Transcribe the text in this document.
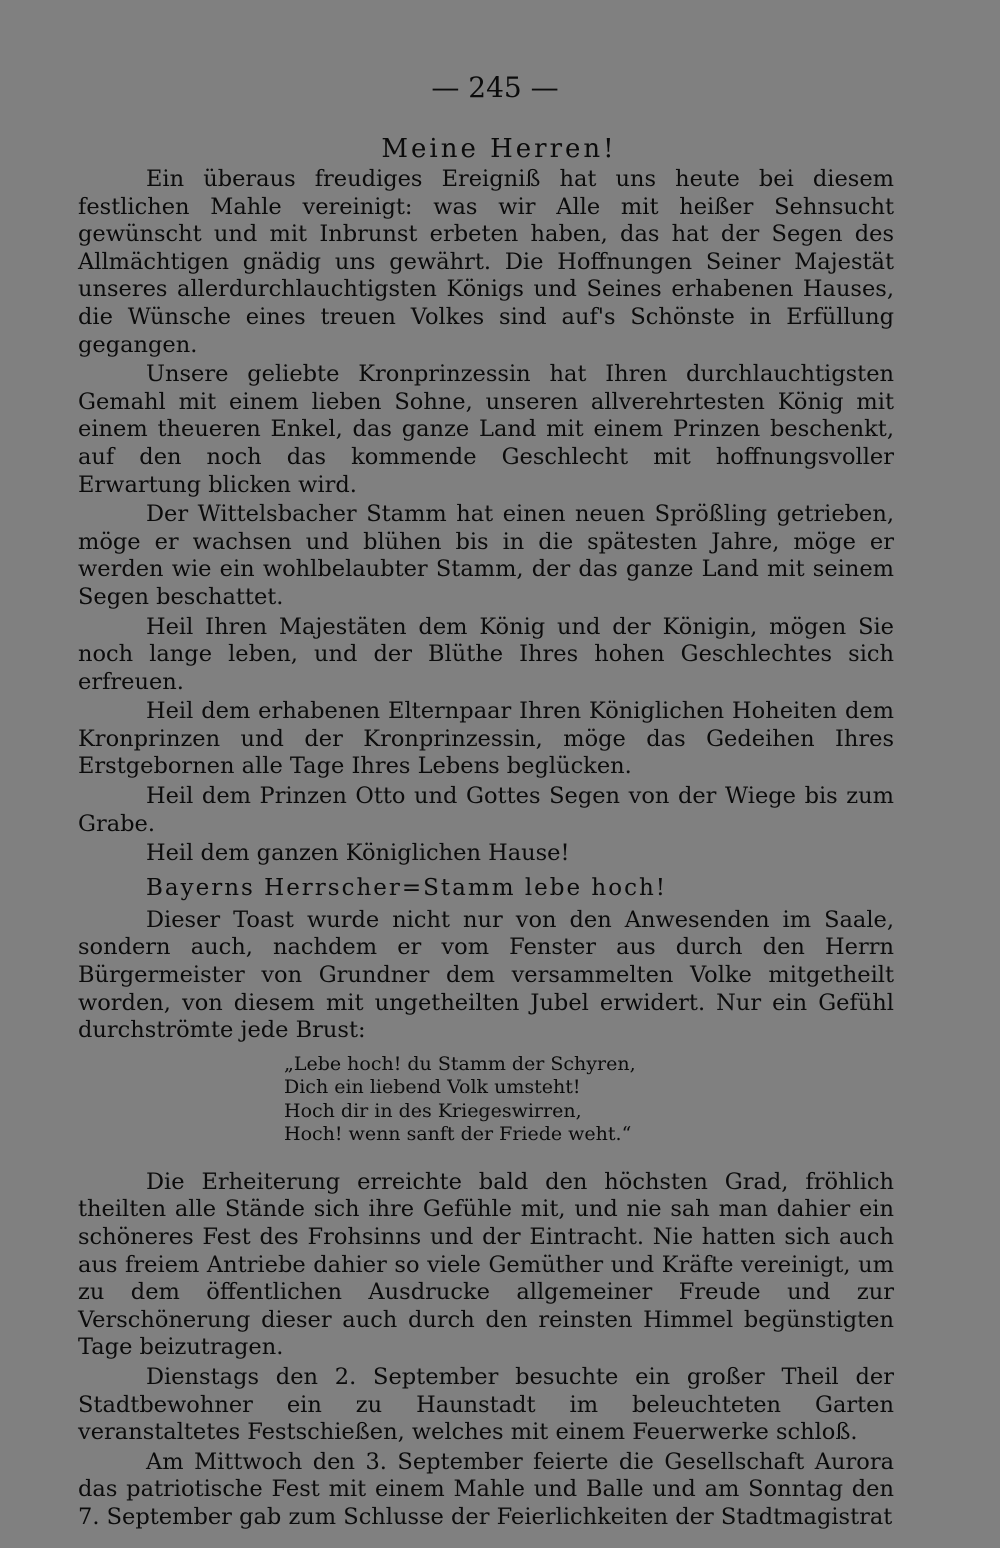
— 245 —
Meine Herren!

Ein überaus freudiges Ereigniß hat uns heute bei diesem festlichen Mahle vereinigt: was wir Alle mit heißer Sehnsucht gewünscht und mit Inbrunst erbeten haben, das hat der Segen des Allmächtigen gnädig uns gewährt. Die Hoffnungen Seiner Majestät unseres allerdurchlauchtigsten Königs und Seines erhabenen Hauses, die Wünsche eines treuen Volkes sind auf's Schönste in Erfüllung gegangen.

Unsere geliebte Kronprinzessin hat Ihren durchlauchtigsten Gemahl mit einem lieben Sohne, unseren allverehrtesten König mit einem theueren Enkel, das ganze Land mit einem Prinzen beschenkt, auf den noch das kommende Geschlecht mit hoffnungsvoller Erwartung blicken wird.

Der Wittelsbacher Stamm hat einen neuen Sprößling getrieben, möge er wachsen und blühen bis in die spätesten Jahre, möge er werden wie ein wohlbelaubter Stamm, der das ganze Land mit seinem Segen beschattet.

Heil Ihren Majestäten dem König und der Königin, mögen Sie noch lange leben, und der Blüthe Ihres hohen Geschlechtes sich erfreuen.

Heil dem erhabenen Elternpaar Ihren Königlichen Hoheiten dem Kronprinzen und der Kronprinzessin, möge das Gedeihen Ihres Erstgebornen alle Tage Ihres Lebens beglücken.

Heil dem Prinzen Otto und Gottes Segen von der Wiege bis zum Grabe.

Heil dem ganzen Königlichen Hause!

Bayerns Herrscher=Stamm lebe hoch!

Dieser Toast wurde nicht nur von den Anwesenden im Saale, sondern auch, nachdem er vom Fenster aus durch den Herrn Bürgermeister von Grundner dem versammelten Volke mitgetheilt worden, von diesem mit ungetheilten Jubel erwidert. Nur ein Gefühl durchströmte jede Brust:

„Lebe hoch! du Stamm der Schyren,
Dich ein liebend Volk umsteht!
Hoch dir in des Kriegeswirren,
Hoch! wenn sanft der Friede weht.“

Die Erheiterung erreichte bald den höchsten Grad, fröhlich theilten alle Stände sich ihre Gefühle mit, und nie sah man dahier ein schöneres Fest des Frohsinns und der Eintracht. Nie hatten sich auch aus freiem Antriebe dahier so viele Gemüther und Kräfte vereinigt, um zu dem öffentlichen Ausdrucke allgemeiner Freude und zur Verschönerung dieser auch durch den reinsten Himmel begünstigten Tage beizutragen.

Dienstags den 2. September besuchte ein großer Theil der Stadtbewohner ein zu Haunstadt im beleuchteten Garten veranstaltetes Festschießen, welches mit einem Feuerwerke schloß.

Am Mittwoch den 3. September feierte die Gesellschaft Aurora das patriotische Fest mit einem Mahle und Balle und am Sonntag den 7. September gab zum Schlusse der Feierlichkeiten der Stadtmagistrat
